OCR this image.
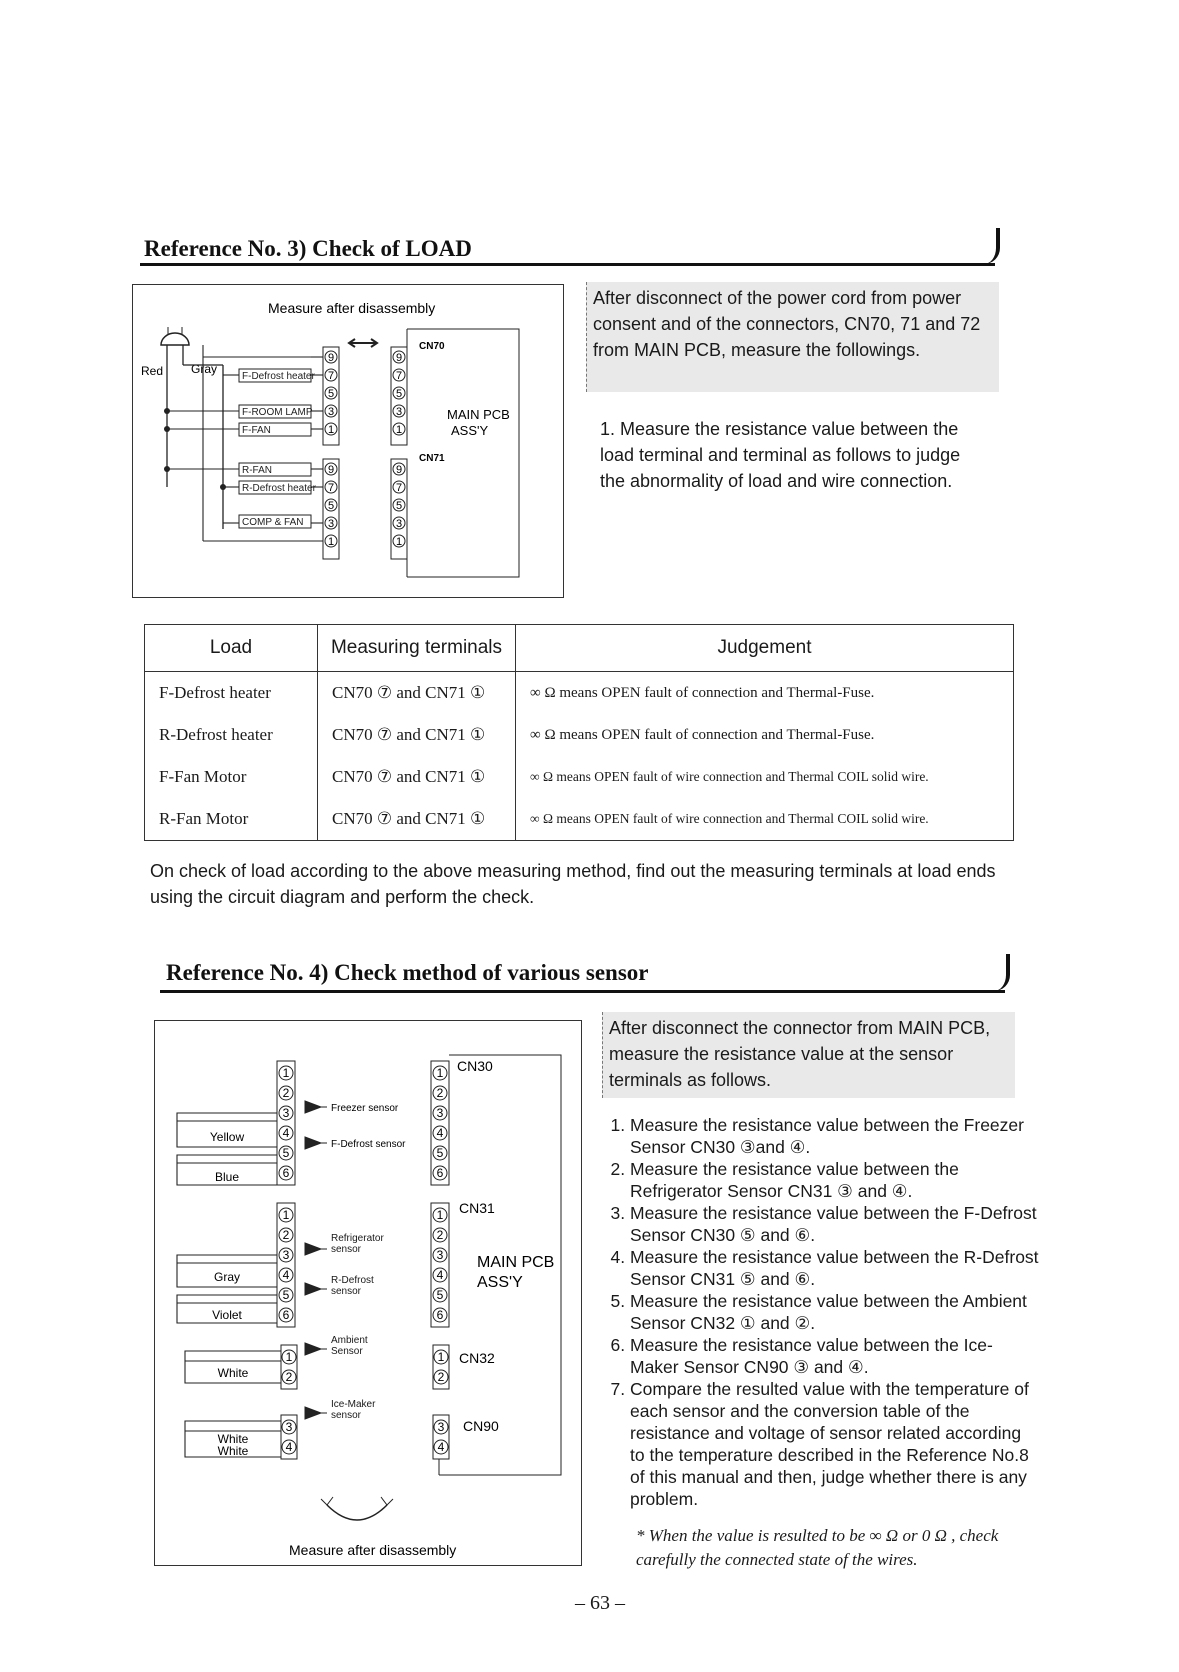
Reference No. 3) Check of LOAD
Measure after disassembly
Red Gray
9
7
5
3
1
9
7
5
3
1
F-Defrost heater
F-ROOM LAMP
F-FAN
R-FAN
R-Defrost heater
COMP & FAN
9
7
5
3
1
9
7
5
3
1
CN70
CN71
MAIN PCB
ASS'Y
After disconnect of the power cord from power consent and of the connectors, CN70, 71 and 72 from MAIN PCB, measure the followings.
1. Measure the resistance value between the load terminal and terminal as follows to judge the abnormality of load and wire connection.
Load	Measuring terminals	Judgement
F-Defrost heater	CN70 ⑦ and CN71 ①	∞ Ω means OPEN fault of connection and Thermal-Fuse.
R-Defrost heater	CN70 ⑦ and CN71 ①	∞ Ω means OPEN fault of connection and Thermal-Fuse.
F-Fan Motor	CN70 ⑦ and CN71 ①	∞ Ω means OPEN fault of wire connection and Thermal COIL solid wire.
R-Fan Motor	CN70 ⑦ and CN71 ①	∞ Ω means OPEN fault of wire connection and Thermal COIL solid wire.
On check of load according to the above measuring method, find out the measuring terminals at load ends using the circuit diagram and perform the check.
Reference No. 4) Check method of various sensor
1
2
3
4
5
6
1
2
3
4
5
6
1
2
3
4
Yellow
Blue
Gray
Violet
White
White
White
Freezer sensor
F-Defrost sensor
Refrigerator sensor
R-Defrost sensor
Ambient Sensor
Ice-Maker sensor
1
2
3
4
5
6
1
2
3
4
5
6
1
2
3
4
CN30
CN31
CN32
CN90
MAIN PCB
ASS'Y
Measure after disassembly
After disconnect the connector from MAIN PCB, measure the resistance value at the sensor terminals as follows.
1. Measure the resistance value between the Freezer Sensor CN30 ③and ④.
2. Measure the resistance value between the Refrigerator Sensor CN31 ③ and ④.
3. Measure the resistance value between the F-Defrost Sensor CN30 ⑤ and ⑥.
4. Measure the resistance value between the R-Defrost Sensor CN31 ⑤ and ⑥.
5. Measure the resistance value between the Ambient Sensor CN32 ① and ②.
6. Measure the resistance value between the Ice-Maker Sensor CN90 ③ and ④.
7. Compare the resulted value with the temperature of each sensor and the conversion table of the resistance and voltage of sensor related according to the temperature described in the Reference No.8 of this manual and then, judge whether there is any problem.
* When the value is resulted to be ∞ Ω or 0 Ω , check carefully the connected state of the wires.
– 63 –
